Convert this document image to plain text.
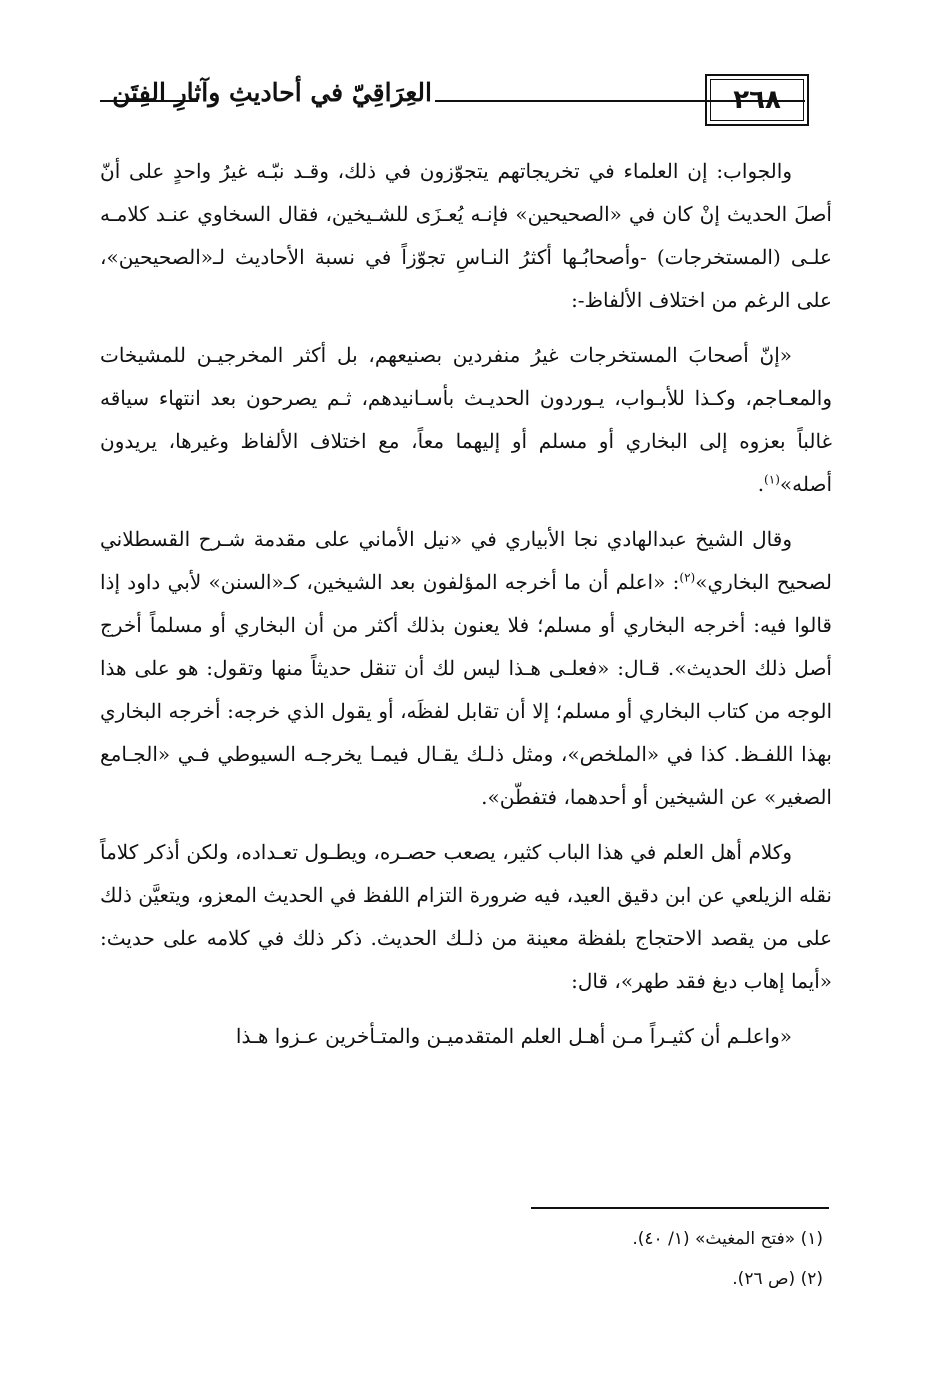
العِرَاقِيّ في أحاديثِ وآثارِ الفِتَن	٢٦٨

والجواب: إن العلماء في تخريجاتهم يتجوّزون في ذلك، وقـد نبّـه غيرُ واحدٍ على أنّ أصلَ الحديث إنْ كان في «الصحيحين» فإنـه يُعـزَى للشـيخين، فقال السخاوي عنـد كلامـه علـى (المستخرجات) -وأصحابُـها أكثرُ النـاسِ تجوّزاً في نسبة الأحاديث لـ«الصحيحين»، على الرغم من اختلاف الألفاظ-:

«إنّ أصحابَ المستخرجات غيرُ منفردين بصنيعهم، بل أكثر المخرجيـن للمشيخات والمعـاجم، وكـذا للأبـواب، يـوردون الحديـث بأسـانيدهم، ثـم يصرحون بعد انتهاء سياقه غالباً بعزوه إلى البخاري أو مسلم أو إليهما معاً، مع اختلاف الألفاظ وغيرها، يريدون أصله»$^{(١)}$.

وقال الشيخ عبدالهادي نجا الأبياري في «نيل الأماني على مقدمة شـرح القسطلاني لصحيح البخاري»$^{(٢)}$: «اعلم أن ما أخرجه المؤلفون بعد الشيخين، كـ«السنن» لأبي داود إذا قالوا فيه: أخرجه البخاري أو مسلم؛ فلا يعنون بذلك أكثر من أن البخاري أو مسلماً أخرج أصل ذلك الحديث». قـال: «فعلـى هـذا ليس لك أن تنقل حديثاً منها وتقول: هو على هذا الوجه من كتاب البخاري أو مسلم؛ إلا أن تقابل لفظَه، أو يقول الذي خرجه: أخرجه البخاري بهذا اللفـظ. كذا في «الملخص»، ومثل ذلـك يقـال فيمـا يخرجـه السيوطي فـي «الجـامع الصغير» عن الشيخين أو أحدهما، فتفطّن».

وكلام أهل العلم في هذا الباب كثير، يصعب حصـره، ويطـول تعـداده، ولكن أذكر كلاماً نقله الزيلعي عن ابن دقيق العيد، فيه ضرورة التزام اللفظ في الحديث المعزو، ويتعيَّن ذلك على من يقصد الاحتجاج بلفظة معينة من ذلـك الحديث. ذكر ذلك في كلامه على حديث: «أيما إهاب دبغ فقد طهر»، قال:

«واعلـم أن كثيـراً مـن أهـل العلم المتقدميـن والمتـأخرين عـزوا هـذا

(١) «فتح المغيث» (١/ ٤٠).

(٢) (ص ٢٦).
